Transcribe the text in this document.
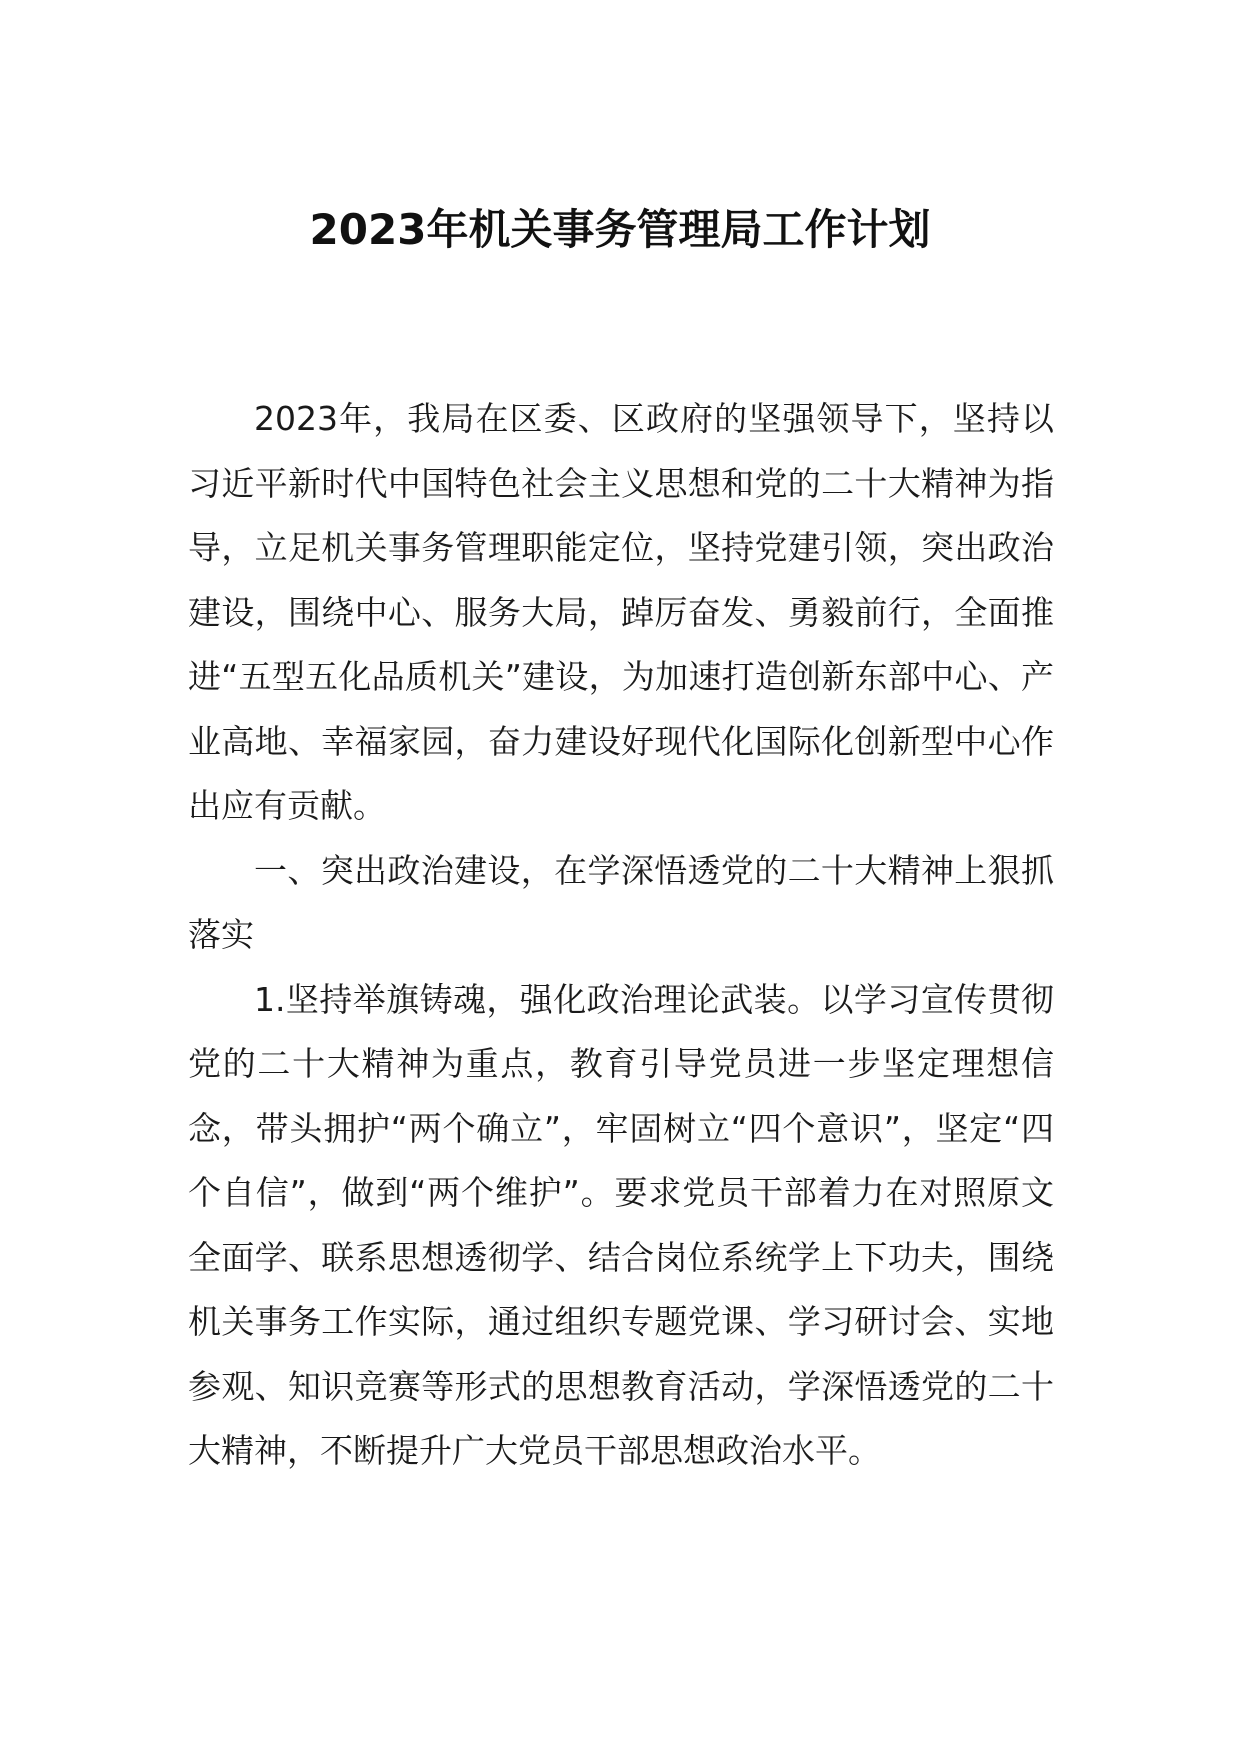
2023年机关事务管理局工作计划

2023年，我局在区委、区政府的坚强领导下，坚持以习近平新时代中国特色社会主义思想和党的二十大精神为指导，立足机关事务管理职能定位，坚持党建引领，突出政治建设，围绕中心、服务大局，踔厉奋发、勇毅前行，全面推进“五型五化品质机关”建设，为加速打造创新东部中心、产业高地、幸福家园，奋力建设好现代化国际化创新型中心作出应有贡献。

一、突出政治建设，在学深悟透党的二十大精神上狠抓落实

1.坚持举旗铸魂，强化政治理论武装。以学习宣传贯彻党的二十大精神为重点，教育引导党员进一步坚定理想信念，带头拥护“两个确立”，牢固树立“四个意识”，坚定“四个自信”，做到“两个维护”。要求党员干部着力在对照原文全面学、联系思想透彻学、结合岗位系统学上下功夫，围绕机关事务工作实际，通过组织专题党课、学习研讨会、实地参观、知识竞赛等形式的思想教育活动，学深悟透党的二十大精神，不断提升广大党员干部思想政治水平。
